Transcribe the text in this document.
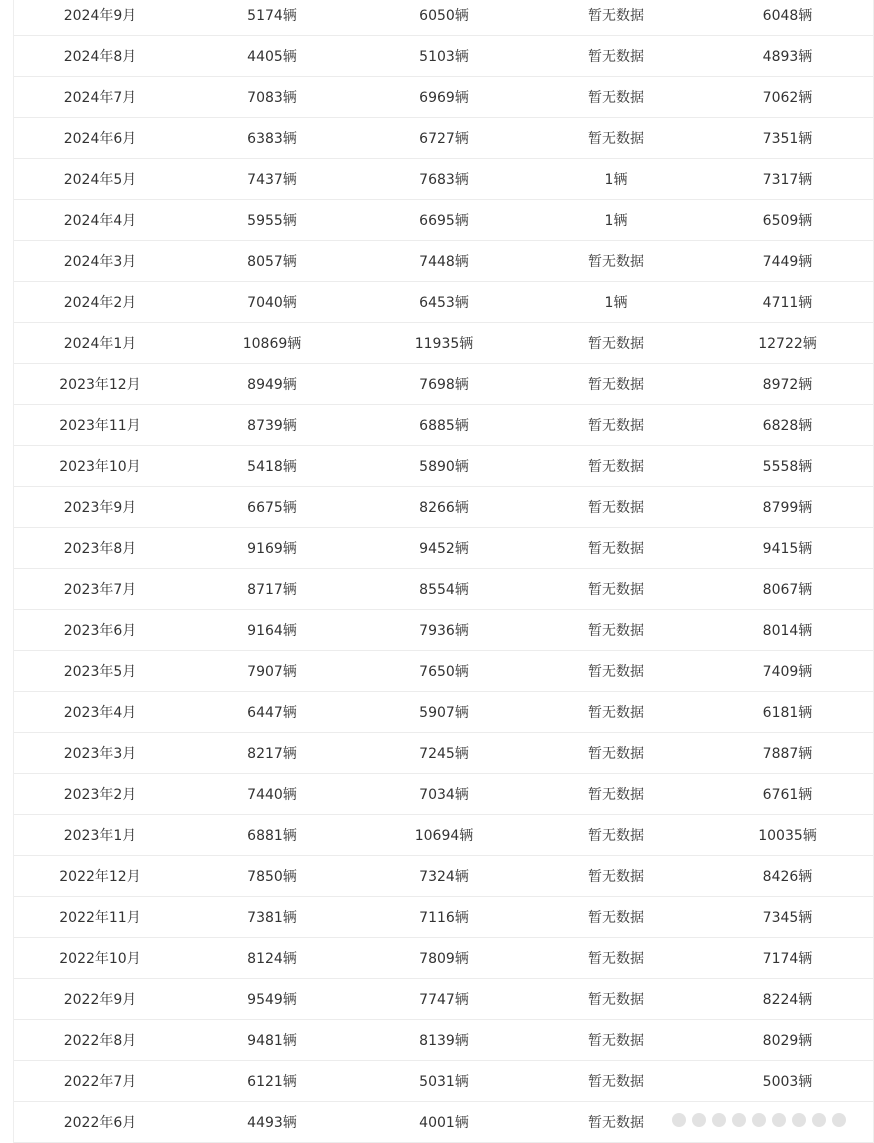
2024年9月	5174辆	6050辆	暂无数据	6048辆
2024年8月	4405辆	5103辆	暂无数据	4893辆
2024年7月	7083辆	6969辆	暂无数据	7062辆
2024年6月	6383辆	6727辆	暂无数据	7351辆
2024年5月	7437辆	7683辆	1辆	7317辆
2024年4月	5955辆	6695辆	1辆	6509辆
2024年3月	8057辆	7448辆	暂无数据	7449辆
2024年2月	7040辆	6453辆	1辆	4711辆
2024年1月	10869辆	11935辆	暂无数据	12722辆
2023年12月	8949辆	7698辆	暂无数据	8972辆
2023年11月	8739辆	6885辆	暂无数据	6828辆
2023年10月	5418辆	5890辆	暂无数据	5558辆
2023年9月	6675辆	8266辆	暂无数据	8799辆
2023年8月	9169辆	9452辆	暂无数据	9415辆
2023年7月	8717辆	8554辆	暂无数据	8067辆
2023年6月	9164辆	7936辆	暂无数据	8014辆
2023年5月	7907辆	7650辆	暂无数据	7409辆
2023年4月	6447辆	5907辆	暂无数据	6181辆
2023年3月	8217辆	7245辆	暂无数据	7887辆
2023年2月	7440辆	7034辆	暂无数据	6761辆
2023年1月	6881辆	10694辆	暂无数据	10035辆
2022年12月	7850辆	7324辆	暂无数据	8426辆
2022年11月	7381辆	7116辆	暂无数据	7345辆
2022年10月	8124辆	7809辆	暂无数据	7174辆
2022年9月	9549辆	7747辆	暂无数据	8224辆
2022年8月	9481辆	8139辆	暂无数据	8029辆
2022年7月	6121辆	5031辆	暂无数据	5003辆
2022年6月	4493辆	4001辆	暂无数据	
